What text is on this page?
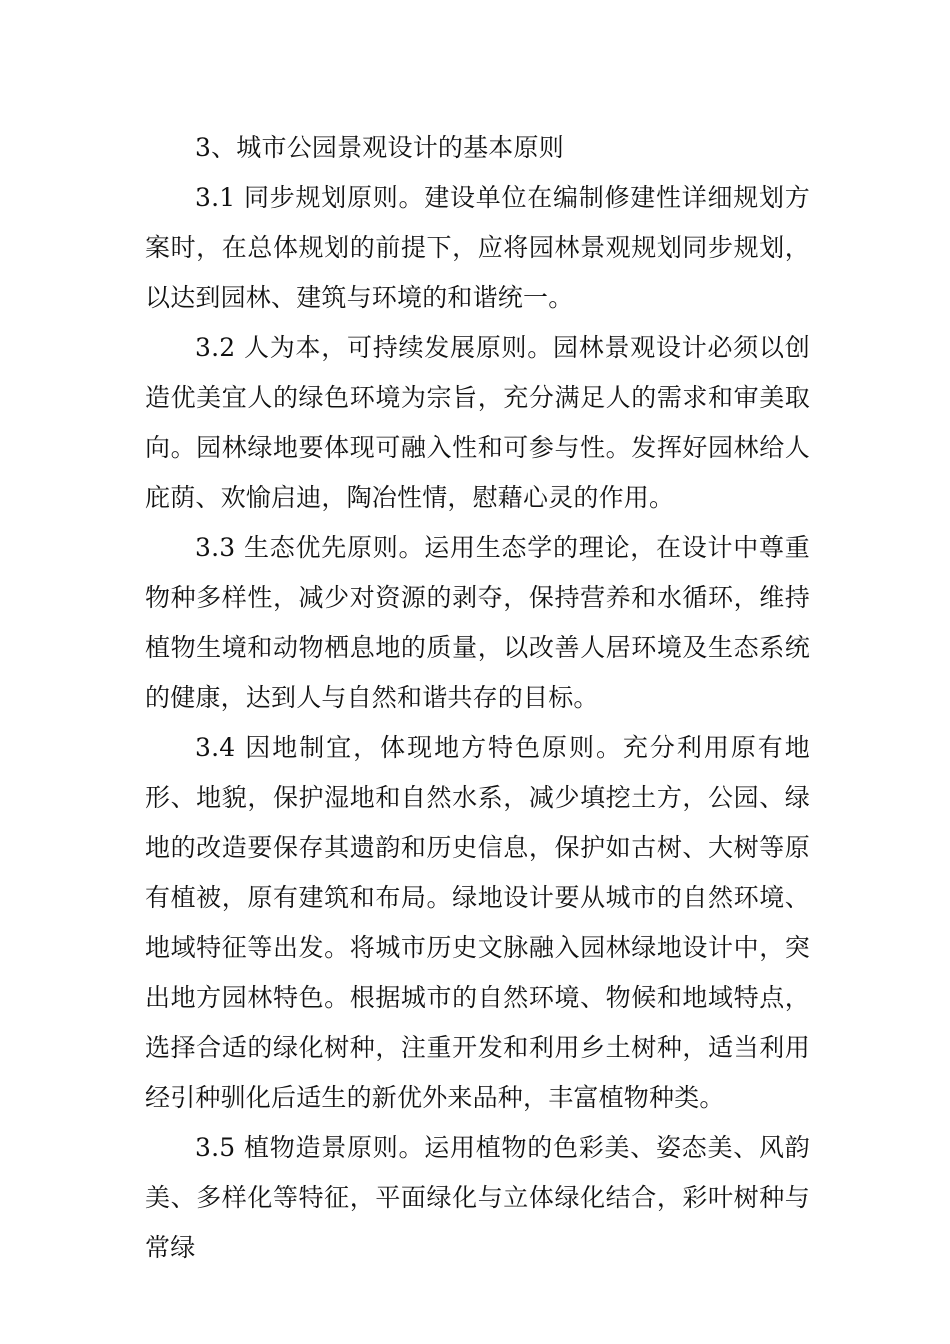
3、城市公园景观设计的基本原则

3.1 同步规划原则。建设单位在编制修建性详细规划方案时，在总体规划的前提下，应将园林景观规划同步规划，以达到园林、建筑与环境的和谐统一。

3.2 人为本，可持续发展原则。园林景观设计必须以创造优美宜人的绿色环境为宗旨，充分满足人的需求和审美取向。园林绿地要体现可融入性和可参与性。发挥好园林给人庇荫、欢愉启迪，陶冶性情，慰藉心灵的作用。

3.3 生态优先原则。运用生态学的理论，在设计中尊重物种多样性，减少对资源的剥夺，保持营养和水循环，维持植物生境和动物栖息地的质量，以改善人居环境及生态系统的健康，达到人与自然和谐共存的目标。

3.4 因地制宜，体现地方特色原则。充分利用原有地形、地貌，保护湿地和自然水系，减少填挖土方，公园、绿地的改造要保存其遗韵和历史信息，保护如古树、大树等原有植被，原有建筑和布局。绿地设计要从城市的自然环境、地域特征等出发。将城市历史文脉融入园林绿地设计中，突出地方园林特色。根据城市的自然环境、物候和地域特点，选择合适的绿化树种，注重开发和利用乡土树种，适当利用经引种驯化后适生的新优外来品种，丰富植物种类。

3.5 植物造景原则。运用植物的色彩美、姿态美、风韵美、多样化等特征，平面绿化与立体绿化结合，彩叶树种与常绿
